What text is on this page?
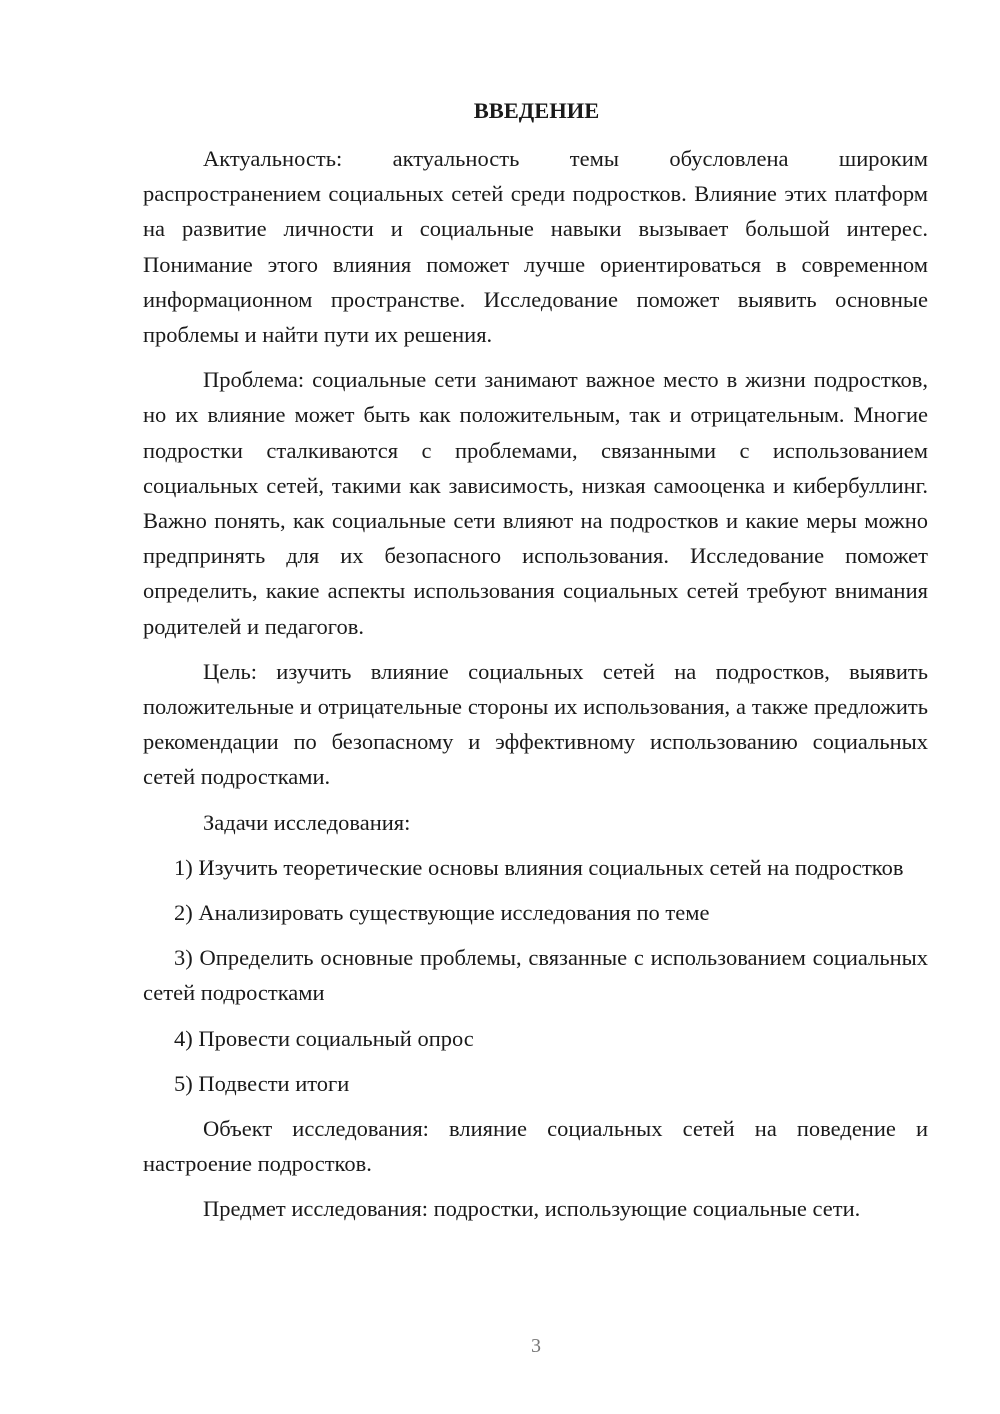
ВВЕДЕНИЕ

Актуальность: актуальность темы обусловлена широким распространением социальных сетей среди подростков. Влияние этих платформ на развитие личности и социальные навыки вызывает большой интерес. Понимание этого влияния поможет лучше ориентироваться в современном информационном пространстве. Исследование поможет выявить основные проблемы и найти пути их решения.

Проблема: социальные сети занимают важное место в жизни подростков, но их влияние может быть как положительным, так и отрицательным. Многие подростки сталкиваются с проблемами, связанными с использованием социальных сетей, такими как зависимость, низкая самооценка и кибербуллинг. Важно понять, как социальные сети влияют на подростков и какие меры можно предпринять для их безопасного использования. Исследование поможет определить, какие аспекты использования социальных сетей требуют внимания родителей и педагогов.

Цель: изучить влияние социальных сетей на подростков, выявить положительные и отрицательные стороны их использования, а также предложить рекомендации по безопасному и эффективному использованию социальных сетей подростками.

Задачи исследования:

1) Изучить теоретические основы влияния социальных сетей на подростков

2) Анализировать существующие исследования по теме

3) Определить основные проблемы, связанные с использованием социальных сетей подростками

4) Провести социальный опрос

5) Подвести итоги

Объект исследования: влияние социальных сетей на поведение и настроение подростков.

Предмет исследования: подростки, использующие социальные сети.

3
